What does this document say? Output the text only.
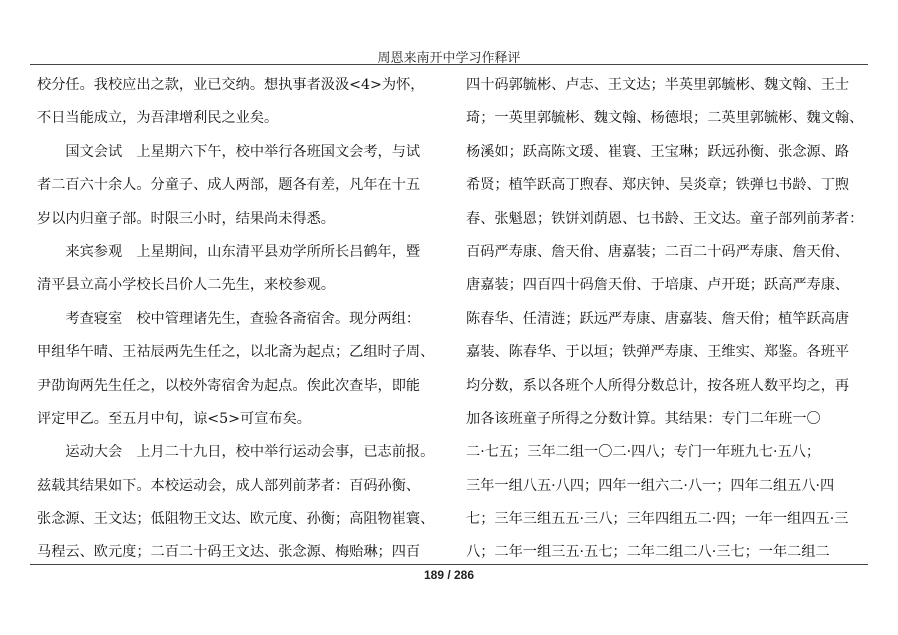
周恩来南开中学习作释评
校分任。我校应出之款，业已交纳。想执事者汲汲<4>为怀，
不日当能成立，为吾津增利民之业矣。
　　国文会试　上星期六下午，校中举行各班国文会考，与试
者二百六十余人。分童子、成人两部，题各有差，凡年在十五
岁以内归童子部。时限三小时，结果尚未得悉。
　　来宾参观　上星期间，山东清平县劝学所所长吕鹤年，暨
清平县立高小学校长吕价人二先生，来校参观。
　　考查寝室　校中管理诸先生，查验各斋宿舍。现分两组：
甲组华午晴、王祜辰两先生任之，以北斋为起点；乙组时子周、
尹劭询两先生任之，以校外寄宿舍为起点。俟此次查毕，即能
评定甲乙。至五月中旬，谅<5>可宣布矣。
　　运动大会　上月二十九日，校中举行运动会事，已志前报。
兹载其结果如下。本校运动会，成人部列前茅者：百码孙衡、
张念源、王文达；低阻物王文达、欧元度、孙衡；高阻物崔寰、
马程云、欧元度；二百二十码王文达、张念源、梅贻琳；四百
四十码郭毓彬、卢志、王文达；半英里郭毓彬、魏文翰、王士
琦；一英里郭毓彬、魏文翰、杨德垠；二英里郭毓彬、魏文翰、
杨溪如；跃高陈文瑗、崔寰、王宝琳；跃远孙衡、张念源、路
希贤；植竿跃高丁煦春、郑庆钟、吴炎章；铁弹乜书龄、丁煦
春、张魁恩；铁饼刘荫恩、乜书龄、王文达。童子部列前茅者：
百码严寿康、詹天佾、唐嘉装；二百二十码严寿康、詹天佾、
唐嘉装；四百四十码詹天佾、于培康、卢开珽；跃高严寿康、
陈春华、任清涟；跃远严寿康、唐嘉装、詹天佾；植竿跃高唐
嘉装、陈春华、于以垣；铁弹严寿康、王维实、郑鉴。各班平
均分数，系以各班个人所得分数总计，按各班人数平均之，再
加各该班童子所得之分数计算。其结果：专门二年班一〇
二·七五；三年二组一〇二·四八；专门一年班九七·五八；
三年一组八五·八四；四年一组六二·八一；四年二组五八·四
七；三年三组五五·三八；三年四组五二·四；一年一组四五·三
八；二年一组三五·五七；二年二组二八·三七；一年二组二
189 / 286
